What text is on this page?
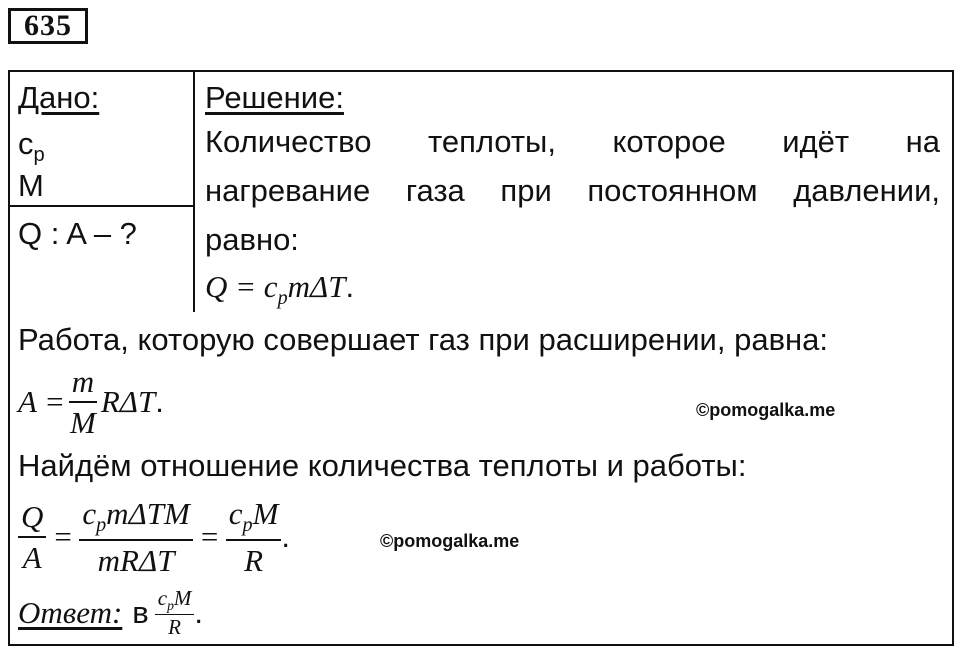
635
Дано:
$c_p$
M
Q : A – ?
Решение:
Количество теплоты, которое идёт на
нагревание газа при постоянном давлении,
равно:
$Q = c_pm\Delta T$.
Работа, которую совершает газ при расширении, равна:
$A = \frac{m}{M}$ RΔT .	©pomogalka.me
Найдём отношение количества теплоты и работы:
$\frac{Q}{A} = \frac{c_pm\Delta TM}{\text{mRΔT}} = \frac{c_pM}{R}$ .	©pomogalka.me
Ответ: в $\frac{c_pM}{R}$ .
